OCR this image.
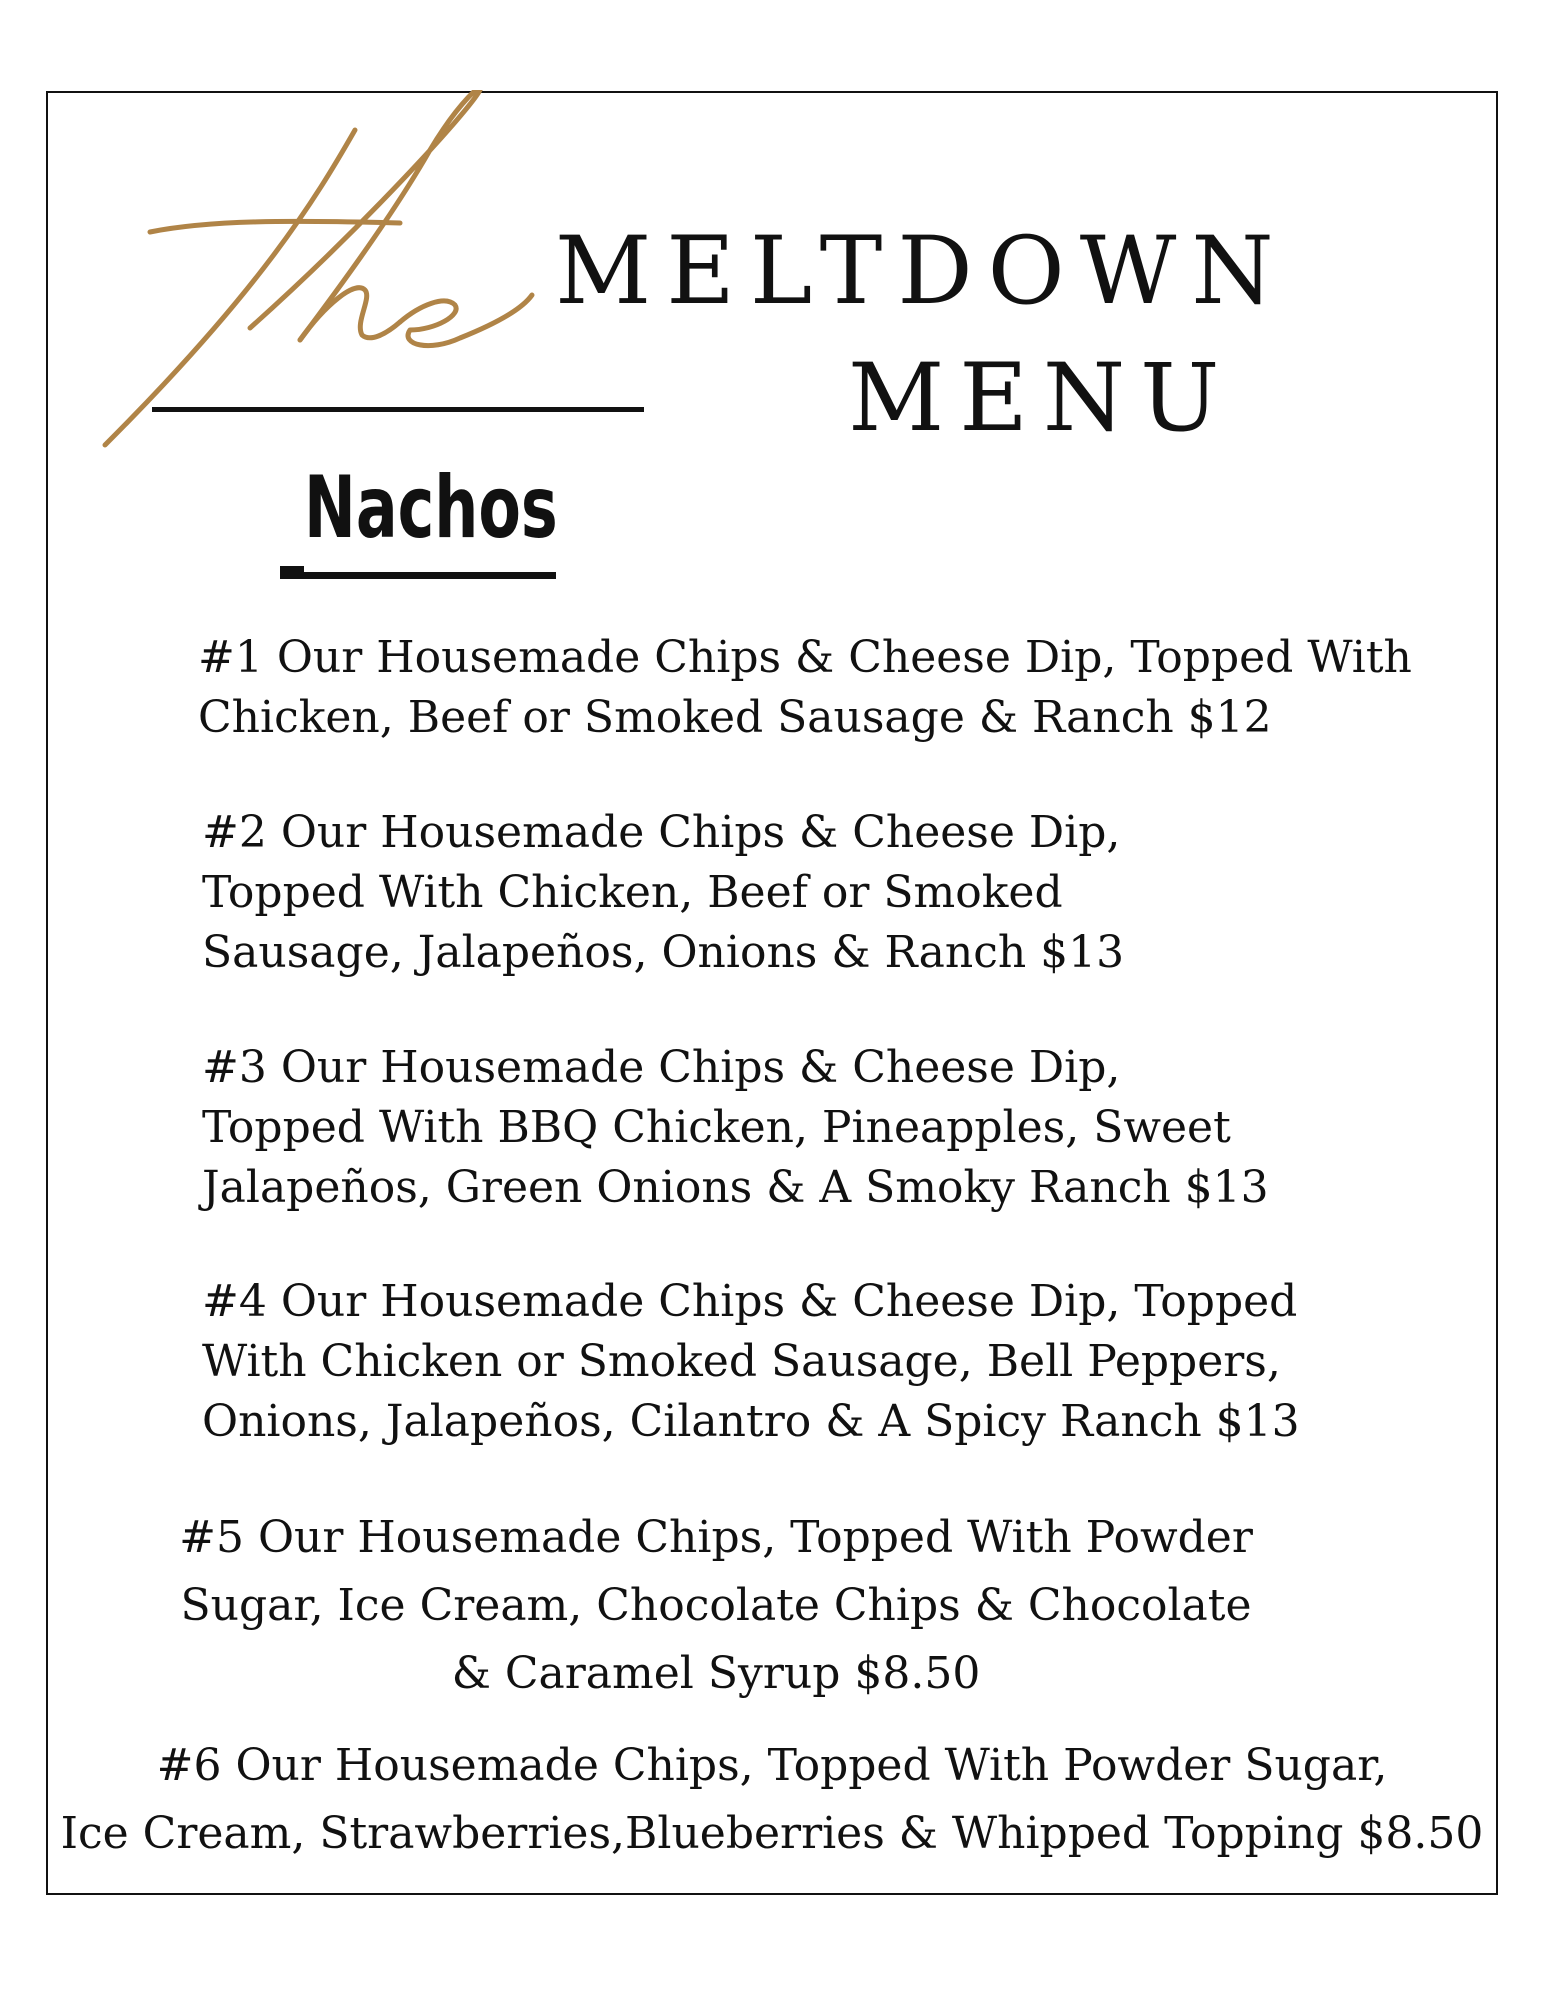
MELTDOWN
MENU
Nachos
#1 Our Housemade Chips & Cheese Dip, Topped With
Chicken, Beef or Smoked Sausage & Ranch $12
#2 Our Housemade Chips & Cheese Dip,
Topped With Chicken, Beef or Smoked
Sausage, Jalapeños, Onions & Ranch $13
#3 Our Housemade Chips & Cheese Dip,
Topped With BBQ Chicken, Pineapples, Sweet
Jalapeños, Green Onions & A Smoky Ranch $13
#4 Our Housemade Chips & Cheese Dip, Topped
With Chicken or Smoked Sausage, Bell Peppers,
Onions, Jalapeños, Cilantro & A Spicy Ranch $13
#5 Our Housemade Chips, Topped With Powder
Sugar, Ice Cream, Chocolate Chips & Chocolate
& Caramel Syrup $8.50
#6 Our Housemade Chips, Topped With Powder Sugar,
Ice Cream, Strawberries,Blueberries & Whipped Topping $8.50
